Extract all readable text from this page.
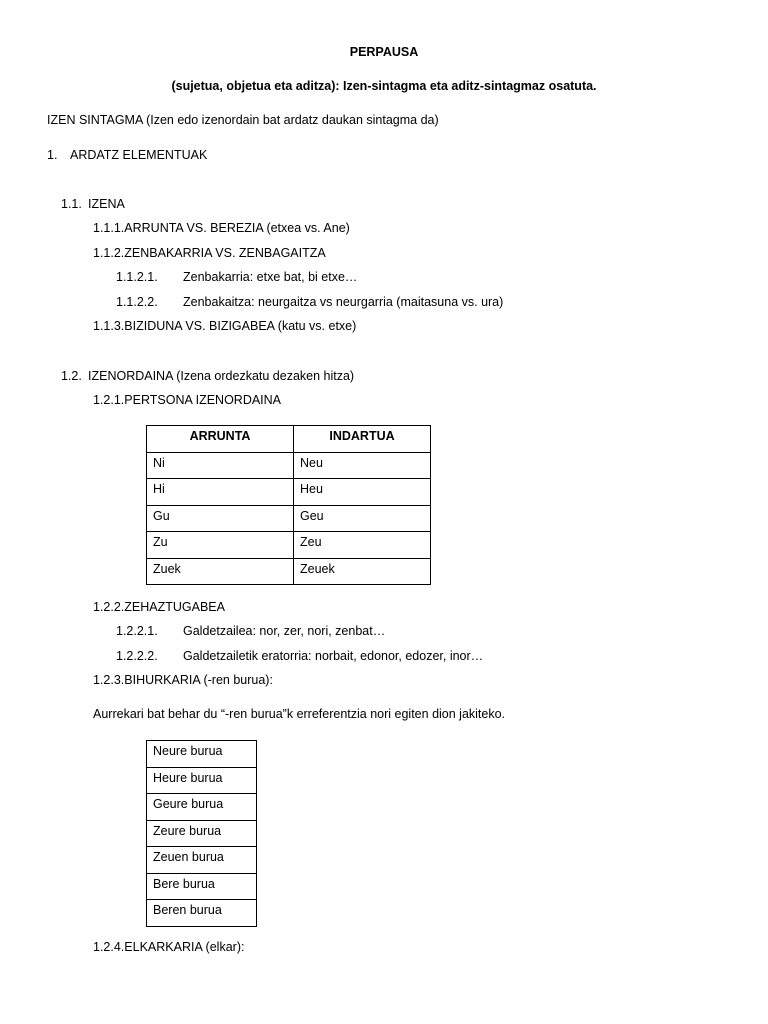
PERPAUSA
(sujetua, objetua eta aditza): Izen-sintagma eta aditz-sintagmaz osatuta.
IZEN SINTAGMA (Izen edo izenordain bat ardatz daukan sintagma da)
1. ARDATZ ELEMENTUAK
1.1. IZENA
1.1.1.ARRUNTA VS. BEREZIA (etxea vs. Ane)
1.1.2.ZENBAKARRIA VS. ZENBAGAITZA
1.1.2.1. Zenbakarria: etxe bat, bi etxe…
1.1.2.2. Zenbakaitza: neurgaitza vs neurgarria (maitasuna vs. ura)
1.1.3.BIZIDUNA VS. BIZIGABEA (katu vs. etxe)
1.2. IZENORDAINA (Izena ordezkatu dezaken hitza)
1.2.1.PERTSONA IZENORDAINA
ARRUNTA	INDARTUA
Ni	Neu
Hi	Heu
Gu	Geu
Zu	Zeu
Zuek	Zeuek
1.2.2.ZEHAZTUGABEA
1.2.2.1. Galdetzailea: nor, zer, nori, zenbat…
1.2.2.2. Galdetzailetik eratorria: norbait, edonor, edozer, inor…
1.2.3.BIHURKARIA (-ren burua):
Aurrekari bat behar du “-ren burua”k erreferentzia nori egiten dion jakiteko.
Neure burua
Heure burua
Geure burua
Zeure burua
Zeuen burua
Bere burua
Beren burua
1.2.4.ELKARKARIA (elkar):
